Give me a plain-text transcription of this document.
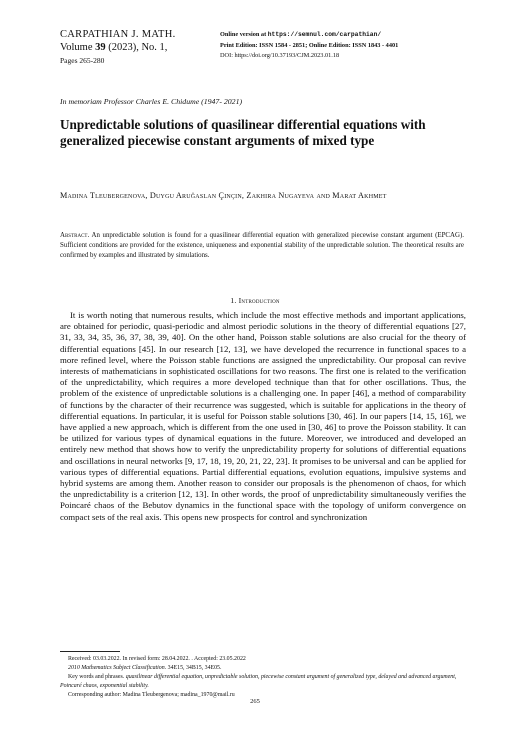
CARPATHIAN J. MATH.
Volume 39 (2023), No. 1,
Pages 265-280
Online version at https://semnul.com/carpathian/
Print Edition: ISSN 1584 - 2851; Online Edition: ISSN 1843 - 4401
DOI: https://doi.org/10.37193/CJM.2023.01.18
In memoriam Professor Charles E. Chidume (1947- 2021)
Unpredictable solutions of quasilinear differential equations with generalized piecewise constant arguments of mixed type
Madina Tleubergenova, Duygu Aruğaslan Çinçin, Zakhira Nugayeva and Marat Akhmet
Abstract. An unpredictable solution is found for a quasilinear differential equation with generalized piecewise constant argument (EPCAG). Sufficient conditions are provided for the existence, uniqueness and exponential stability of the unpredictable solution. The theoretical results are confirmed by examples and illustrated by simulations.
1. Introduction

It is worth noting that numerous results, which include the most effective methods and important applications, are obtained for periodic, quasi-periodic and almost periodic solutions in the theory of differential equations [27, 31, 33, 34, 35, 36, 37, 38, 39, 40]. On the other hand, Poisson stable solutions are also crucial for the theory of differential equations [45]. In our research [12, 13], we have developed the recurrence in functional spaces to a more refined level, where the Poisson stable functions are assigned the unpredictability. Our proposal can revive interests of mathematicians in sophisticated oscillations for two reasons. The first one is related to the verification of the unpredictability, which requires a more developed technique than that for other oscillations. Thus, the problem of the existence of unpredictable solutions is a challenging one. In paper [46], a method of comparability of functions by the character of their recurrence was suggested, which is suitable for applications in the theory of differential equations. In particular, it is useful for Poisson stable solutions [30, 46]. In our papers [14, 15, 16], we have applied a new approach, which is different from the one used in [30, 46] to prove the Poisson stability. It can be utilized for various types of dynamical equations in the future. Moreover, we introduced and developed an entirely new method that shows how to verify the unpredictability property for solutions of differential equations and oscillations in neural networks [9, 17, 18, 19, 20, 21, 22, 23]. It promises to be universal and can be applied for various types of differential equations. Partial differential equations, evolution equations, impulsive systems and hybrid systems are among them. Another reason to consider our proposals is the phenomenon of chaos, for which the unpredictability is a criterion [12, 13]. In other words, the proof of unpredictability simultaneously verifies the Poincaré chaos of the Bebutov dynamics in the functional space with the topology of uniform convergence on compact sets of the real axis. This opens new prospects for control and synchronization

Received: 03.03.2022. In revised form: 28.04.2022. . Accepted: 23.05.2022

2010 Mathematics Subject Classification. 34E15, 34B15, 34E05.

Key words and phrases. quasilinear differential equation, unpredictable solution, piecewise constant argument of generalized type, delayed and advanced argument, Poincaré chaos, exponential stability.

Corresponding author: Madina Tleubergenova; madina_1970@mail.ru

265
